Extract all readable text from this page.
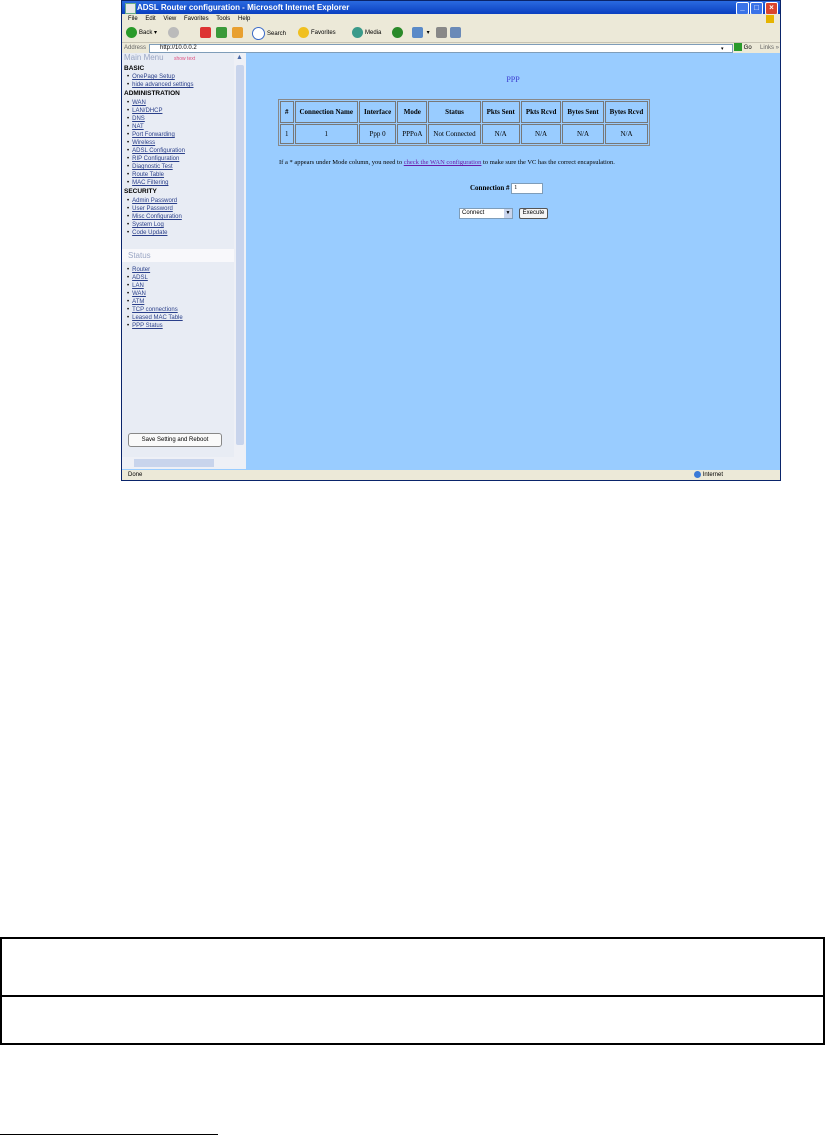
ADSL Router configuration - Microsoft Internet Explorer	_	□	×
File Edit View Favorites Tools Help
Back ▾	Search	Favorites	Media	▾
Address	http://10.0.0.2	▾	Go Links »
Main Menu show text
BASIC
• OnePage Setup
• hide advanced settings
ADMINISTRATION
• WAN
• LAN/DHCP
• DNS
• NAT
• Port Forwarding
• Wireless
• ADSL Configuration
• RIP Configuration
• Diagnostic Test
• Route Table
• MAC Filtering
SECURITY
• Admin Password
• User Password
• Misc Configuration
• System Log
• Code Update
Status
• Router
• ADSL
• LAN
• WAN
• ATM
• TCP connections
• Leased MAC Table
• PPP Status
Save Setting and Reboot
▲
PPP
#	Connection Name	Interface	Mode	Status	Pkts Sent	Pkts Rcvd	Bytes Sent	Bytes Rcvd
1	1	Ppp 0	PPPoA	Not Connected	N/A	N/A	N/A	N/A
If a * appears under Mode column, you need to check the WAN configuration to make sure the VC has the correct encapsulation.
Connection # 1
Connect	▼ Execute
Done	Internet
